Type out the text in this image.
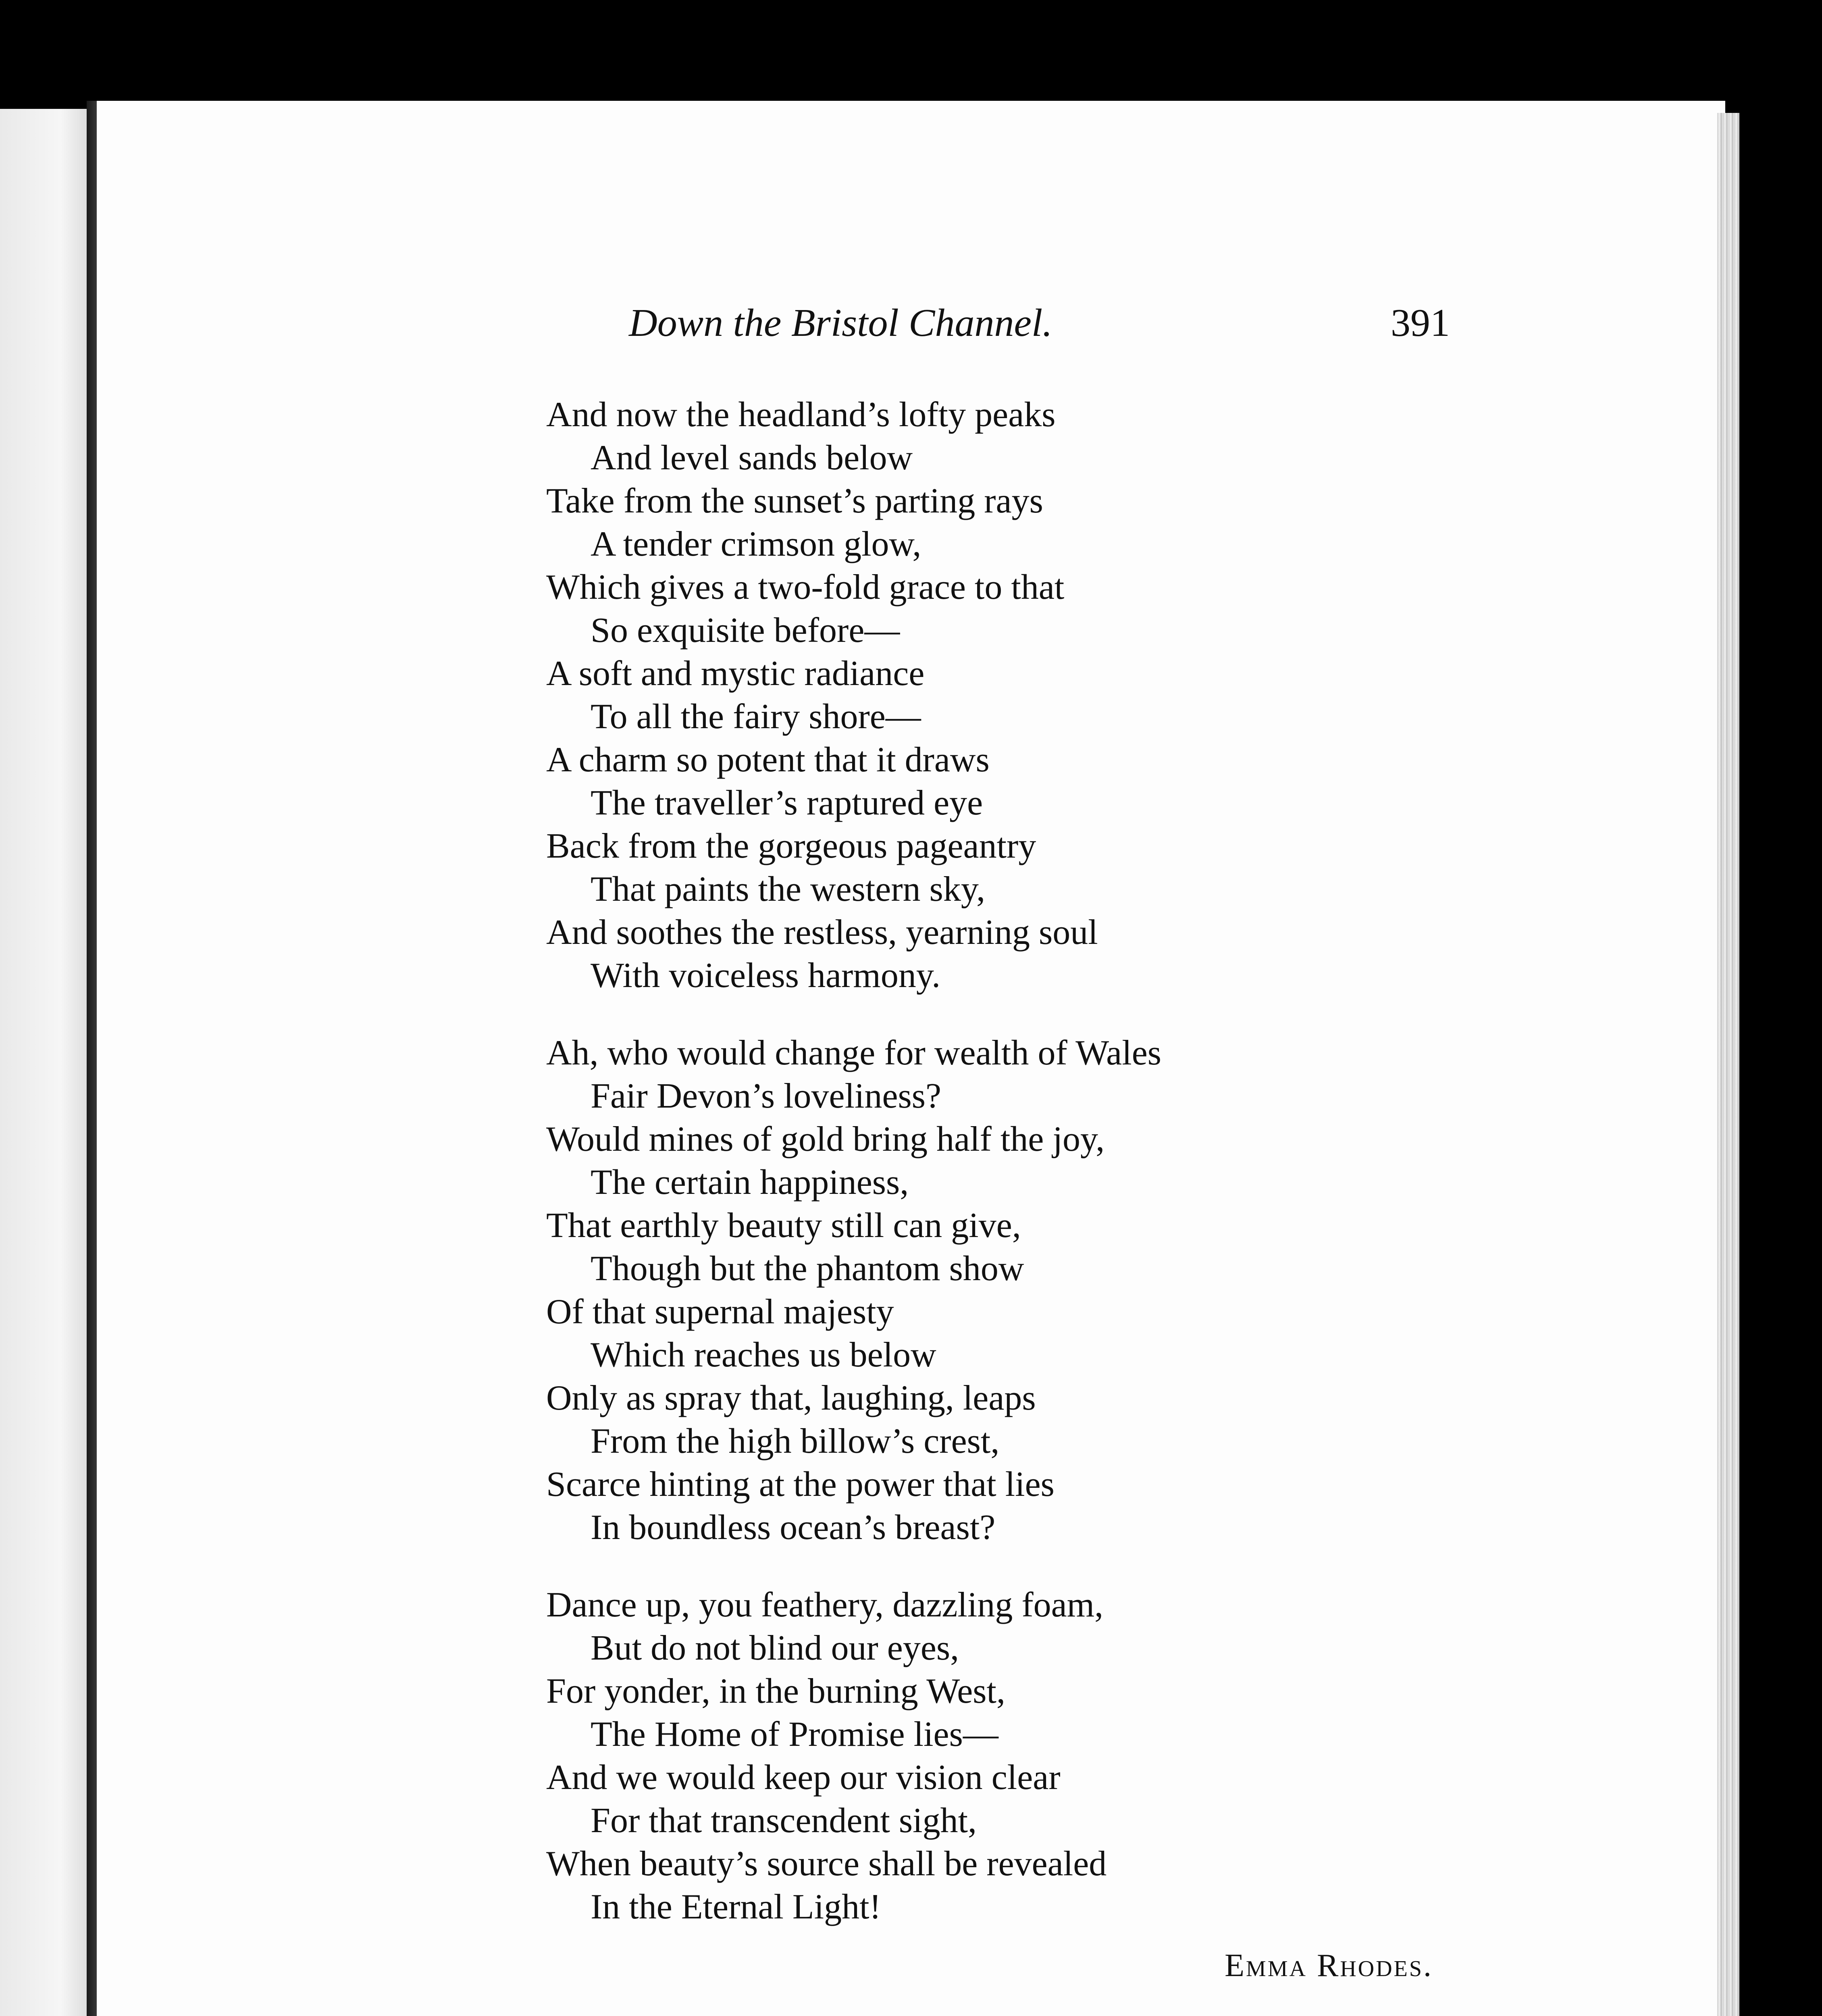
Down the Bristol Channel.	391
And now the headland’s lofty peaks
And level sands below
Take from the sunset’s parting rays
A tender crimson glow,
Which gives a two-fold grace to that
So exquisite before—
A soft and mystic radiance
To all the fairy shore—
A charm so potent that it draws
The traveller’s raptured eye
Back from the gorgeous pageantry
That paints the western sky,
And soothes the restless, yearning soul
With voiceless harmony.
Ah, who would change for wealth of Wales
Fair Devon’s loveliness?
Would mines of gold bring half the joy,
The certain happiness,
That earthly beauty still can give,
Though but the phantom show
Of that supernal majesty
Which reaches us below
Only as spray that, laughing, leaps
From the high billow’s crest,
Scarce hinting at the power that lies
In boundless ocean’s breast?
Dance up, you feathery, dazzling foam,
But do not blind our eyes,
For yonder, in the burning West,
The Home of Promise lies—
And we would keep our vision clear
For that transcendent sight,
When beauty’s source shall be revealed
In the Eternal Light!
Emma Rhodes.
